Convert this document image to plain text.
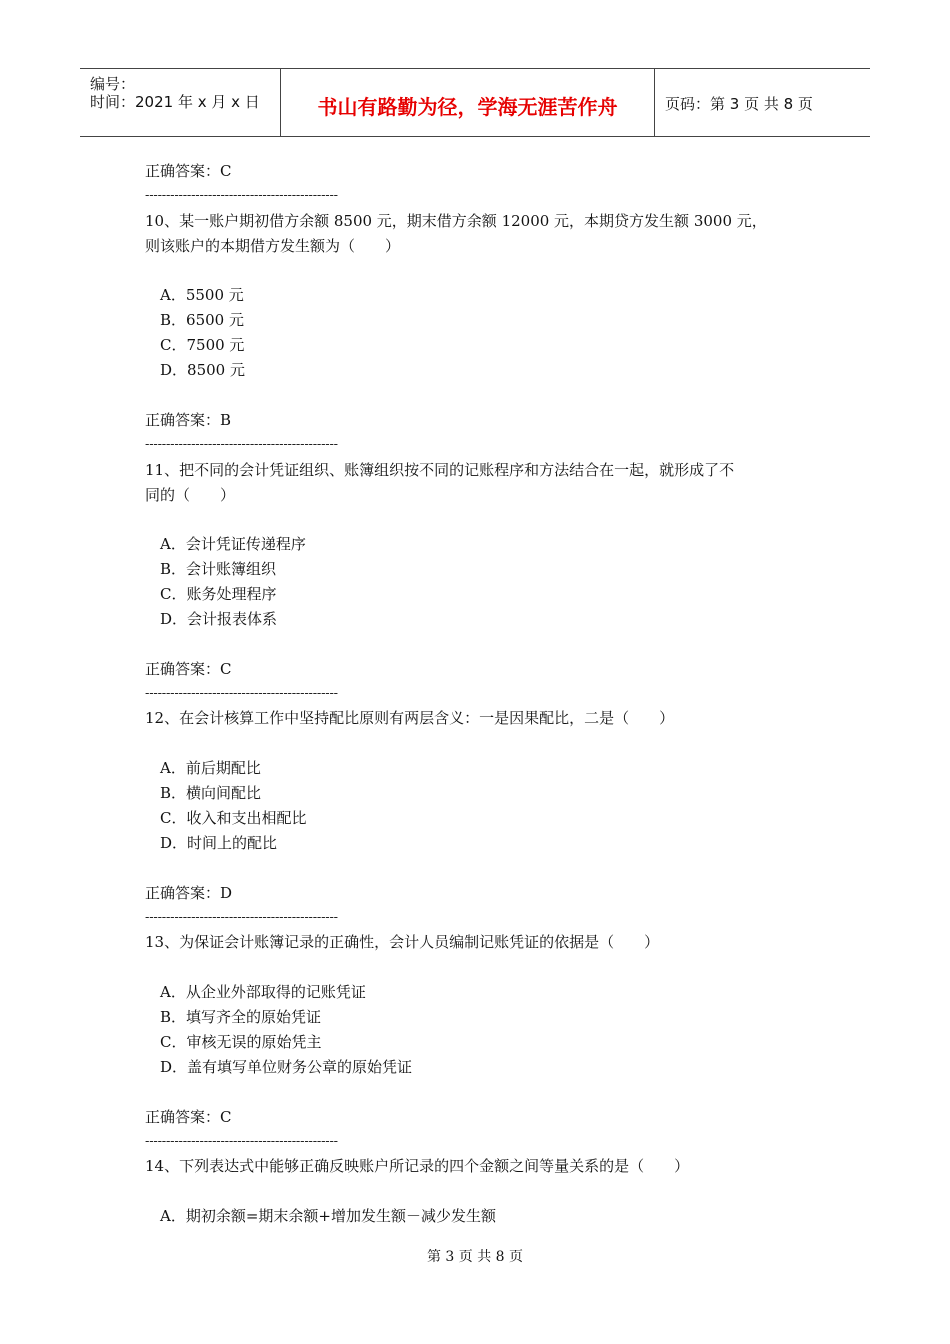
编号：
时间：2021 年 x 月 x 日	书山有路勤为径，学海无涯苦作舟	页码：第 3 页 共 8 页
正确答案：C
----------------------------------------------
10、某一账户期初借方余额 8500 元，期末借方余额 12000 元，本期贷方发生额 3000 元，
则该账户的本期借方发生额为（　　）
A．5500 元
B．6500 元
C．7500 元
D．8500 元
正确答案：B
----------------------------------------------
11、把不同的会计凭证组织、账簿组织按不同的记账程序和方法结合在一起，就形成了不
同的（　　）
A．会计凭证传递程序
B．会计账簿组织
C．账务处理程序
D．会计报表体系
正确答案：C
----------------------------------------------
12、在会计核算工作中坚持配比原则有两层含义：一是因果配比，二是（　　）
A．前后期配比
B．横向间配比
C．收入和支出相配比
D．时间上的配比
正确答案：D
----------------------------------------------
13、为保证会计账簿记录的正确性，会计人员编制记账凭证的依据是（　　）
A．从企业外部取得的记账凭证
B．填写齐全的原始凭证
C．审核无误的原始凭主
D．盖有填写单位财务公章的原始凭证
正确答案：C
----------------------------------------------
14、下列表达式中能够正确反映账户所记录的四个金额之间等量关系的是（　　）
A．期初余额=期末余额+增加发生额－减少发生额
第 3 页 共 8 页
